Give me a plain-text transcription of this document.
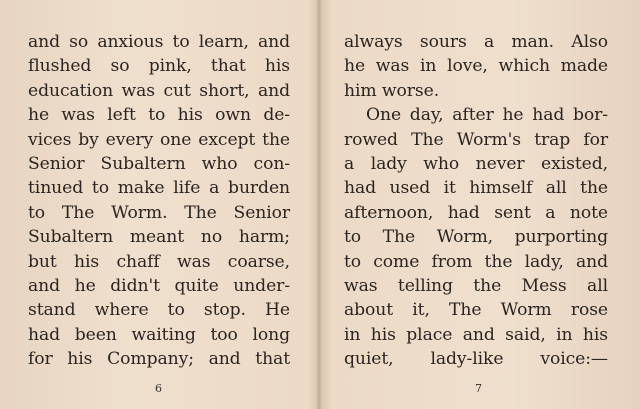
and so anxious to learn, and
flushed so pink, that his
education was cut short, and
he was left to his own de-
vices by every one except the
Senior Subaltern who con-
tinued to make life a burden
to The Worm. The Senior
Subaltern meant no harm;
but his chaff was coarse,
and he didn't quite under-
stand where to stop. He
had been waiting too long
for his Company; and that
6
always sours a man. Also
he was in love, which made
him worse.
One day, after he had bor-
rowed The Worm's trap for
a lady who never existed,
had used it himself all the
afternoon, had sent a note
to The Worm, purporting
to come from the lady, and
was telling the Mess all
about it, The Worm rose
in his place and said, in his
quiet, lady-like voice:—
7
